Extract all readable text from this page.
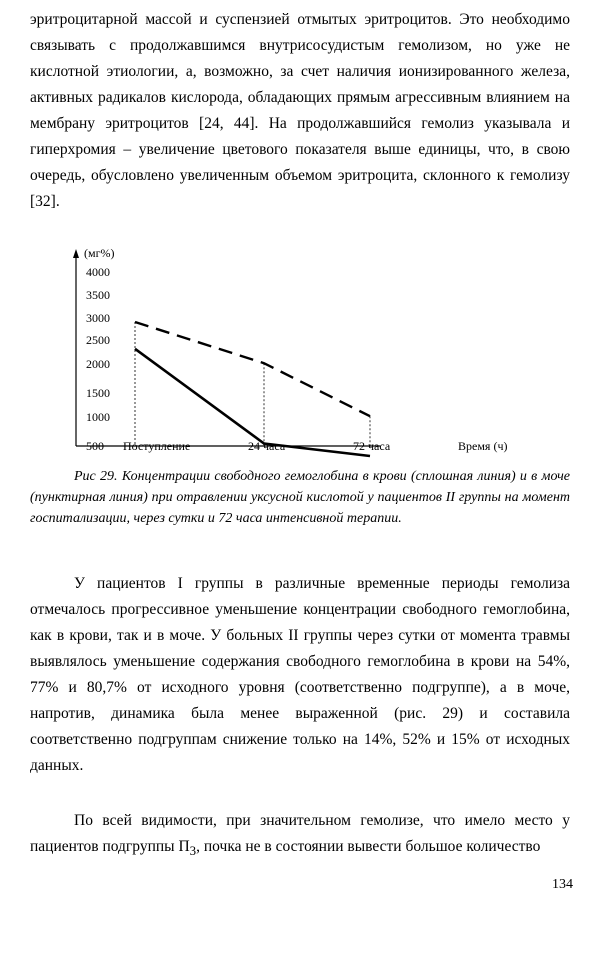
эритроцитарной массой и суспензией отмытых эритроцитов. Это необходимо связывать с продолжавшимся внутрисосудистым гемолизом, но уже не кислотной этиологии, а, возможно, за счет наличия ионизированного железа, активных радикалов кислорода, обладающих прямым агрессивным влиянием на мембрану эритроцитов [24, 44]. На продолжавшийся гемолиз указывала и гиперхромия – увеличение цветового показателя выше единицы, что, в свою очередь, обусловлено увеличенным объемом эритроцита, склонного к гемолизу [32].
(мг%)
4000
3500
3000
2500
2000
1500
1000
500 Поступление	24 часа	72 часа	Время (ч)
Рис 29. Концентрации свободного гемоглобина в крови (сплошная линия) и в моче (пунктирная линия) при отравлении уксусной кислотой у пациентов II группы на момент госпитализации, через сутки и 72 часа интенсивной терапии.
У пациентов I группы в различные временные периоды гемолиза отмечалось прогрессивное уменьшение концентрации свободного гемоглобина, как в крови, так и в моче. У больных II группы через сутки от момента травмы выявлялось уменьшение содержания свободного гемоглобина в крови на 54%, 77% и 80,7% от исходного уровня (соответственно подгруппе), а в моче, напротив, динамика была менее выраженной (рис. 29) и составила соответственно подгруппам снижение только на 14%, 52% и 15% от исходных данных.
По всей видимости, при значительном гемолизе, что имело место у пациентов подгруппы $П_3$, почка не в состоянии вывести большое количество
134
